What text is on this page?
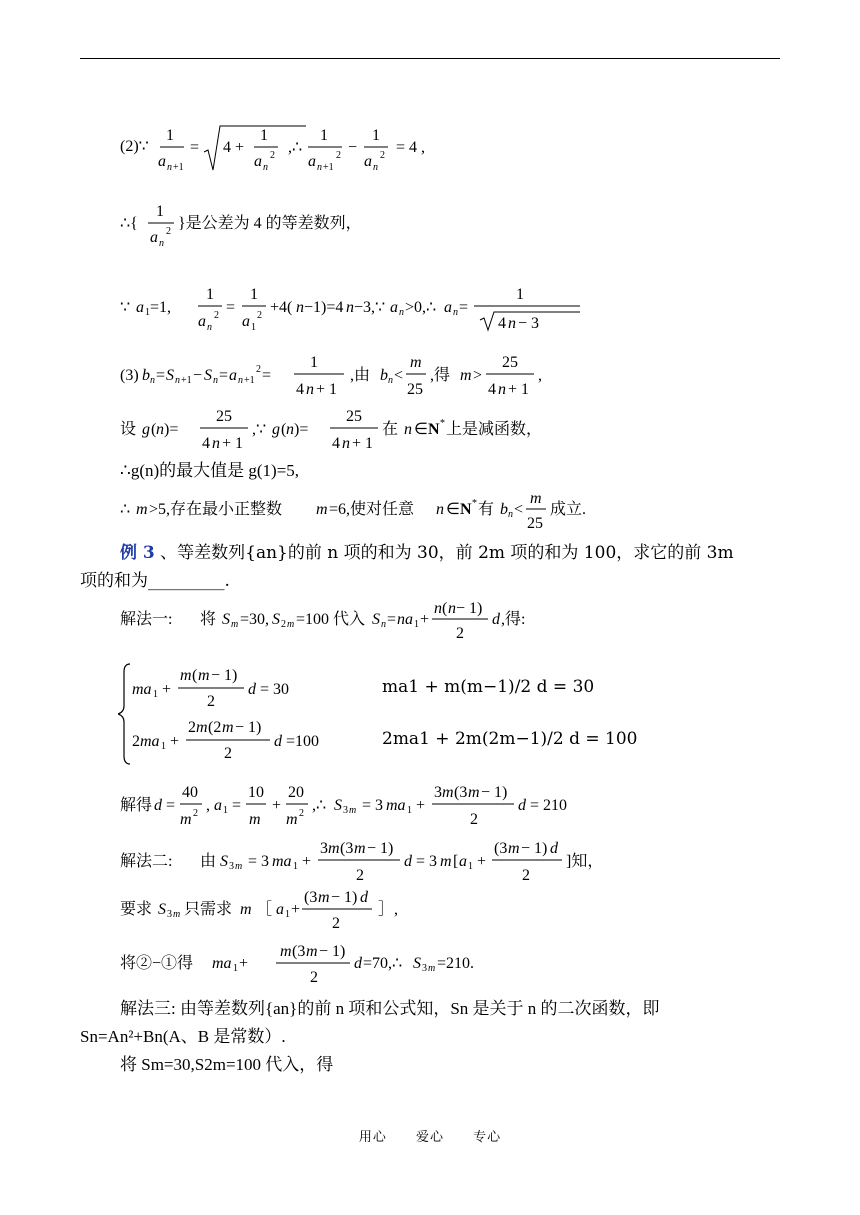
(2)∵
1
a n +1
= 4 +
1
a n
2 ,∴
1
a n +1
2 −
1
a n
2 = 4 ,
∴{
1
a n
2 }是公差为 4 的等差数列，
∵ a 1 =1,
1
a n
2 =
1
a 1
2 +4( n −1)=4 n −3,∵ a n >0,∴ a n =
1
4 n − 3
(3) b n = S n +1 − S n = a n +1
2 =
1
4 n + 1
,由 b n <
m
25
,得 m >
25
4 n + 1
,
设 g ( n )=
25
4 n + 1
,∵ g ( n )=
25
4 n + 1
在 n ∈ N * 上是减函数，
∴g(n)的最大值是 g(1)=5,
∴ m >5,存在最小正整数 m =6,使对任意 n ∈ N * 有 b n <
m
25
成立.
例 3 、等差数列{an}的前 n 项的和为 30，前 2m 项的和为 100，求它的前 3m
项的和为_________.
解法一: 将 S m =30, S 2 m =100 代入 S n = na 1 +
n ( n − 1)
2
d ,得:
ma 1 +
m ( m − 1)
2
d = 30
2 ma 1 +
2 m (2 m − 1)
2
d =100
ma1 + m(m−1)/2 d = 30
2ma1 + 2m(2m−1)/2 d = 100
解得 d =
40
m 2 , a 1 =
10
m
+
20
m 2 ,∴ S 3 m = 3 ma 1 +
3 m (3 m − 1)
2
d = 210
解法二: 由 S 3 m = 3 ma 1 +
3 m (3 m − 1)
2
d = 3 m [ a 1 +
(3 m − 1) d
2
]知，
要求 S 3 m 只需求 m ［ a 1 +
(3 m − 1) d
2
］,
将②−①得 ma 1 +
m (3 m − 1)
2
d =70,∴ S 3 m =210.
解法三: 由等差数列{an}的前 n 项和公式知，Sn 是关于 n 的二次函数，即
Sn=An²+Bn(A、B 是常数）.
将 Sm=30,S2m=100 代入，得
用心 爱心 专心
